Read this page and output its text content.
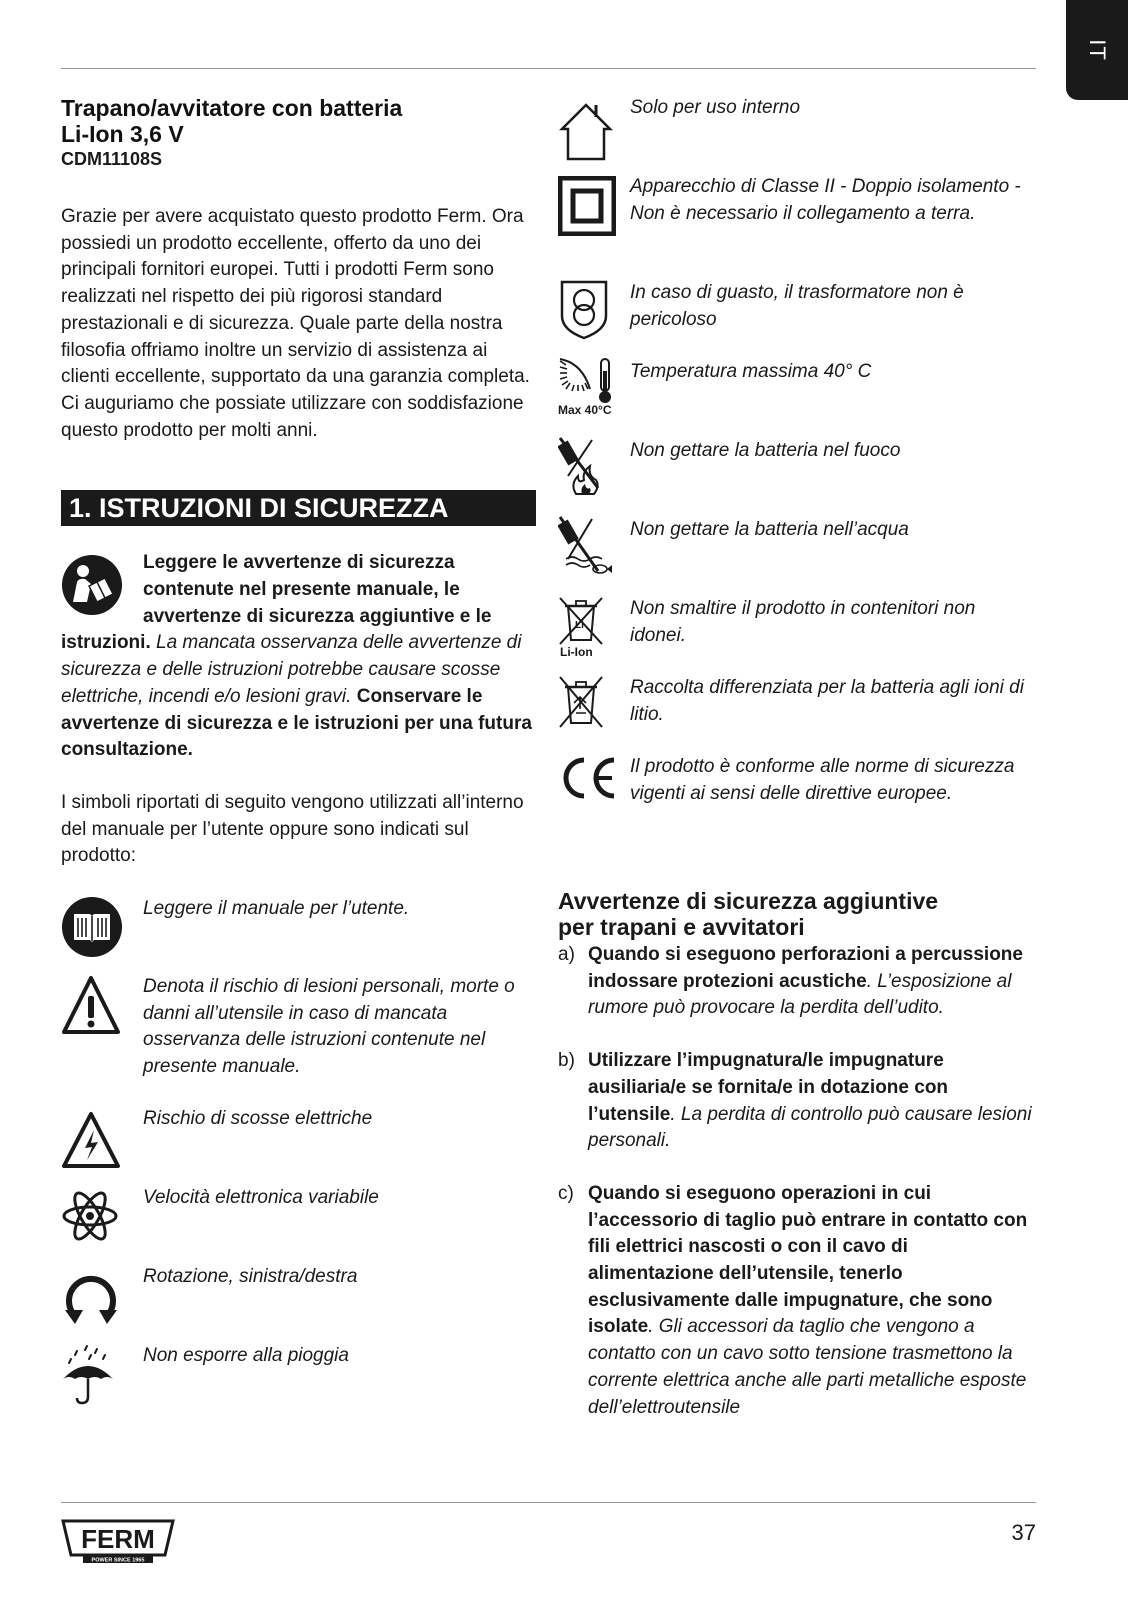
IT
Trapano/avvitatore con batteria
Li-Ion 3,6 V
CDM11108S

Grazie per avere acquistato questo prodotto Ferm. Ora possiedi un prodotto eccellente, offerto da uno dei principali fornitori europei. Tutti i prodotti Ferm sono realizzati nel rispetto dei più rigorosi standard prestazionali e di sicurezza. Quale parte della nostra filosofia offriamo inoltre un servizio di assistenza ai clienti eccellente, supportato da una garanzia completa. Ci auguriamo che possiate utilizzare con soddisfazione questo prodotto per molti anni.

1. ISTRUZIONI DI SICUREZZA
Leggere le avvertenze di sicurezza contenute nel presente manuale, le avvertenze di sicurezza aggiuntive e le istruzioni. La mancata osservanza delle avvertenze di sicurezza e delle istruzioni potrebbe causare scosse elettriche, incendi e/o lesioni gravi. Conservare le avvertenze di sicurezza e le istruzioni per una futura consultazione.

I simboli riportati di seguito vengono utilizzati all’interno del manuale per l’utente oppure sono indicati sul prodotto:

Leggere il manuale per l’utente.
Denota il rischio di lesioni personali, morte o danni all’utensile in caso di mancata osservanza delle istruzioni contenute nel presente manuale.
Rischio di scosse elettriche
Velocità elettronica variabile
Rotazione, sinistra/destra
Non esporre alla pioggia
Solo per uso interno
Apparecchio di Classe II - Doppio isolamento - Non è necessario il collegamento a terra.
In caso di guasto, il trasformatore non è pericoloso
Max 40°C
Temperatura massima 40° C
Non gettare la batteria nel fuoco
Non gettare la batteria nell’acqua
Li
Li-Ion
Non smaltire il prodotto in contenitori non idonei.
Raccolta differenziata per la batteria agli ioni di litio.
Il prodotto è conforme alle norme di sicurezza vigenti ai sensi delle direttive europee.
Avvertenze di sicurezza aggiuntive
per trapani e avvitatori
a) Quando si eseguono perforazioni a percussione indossare protezioni acustiche. L’esposizione al rumore può provocare la perdita dell’udito.
b) Utilizzare l’impugnatura/le impugnature ausiliaria/e se fornita/e in dotazione con l’utensile. La perdita di controllo può causare lesioni personali.
c) Quando si eseguono operazioni in cui l’accessorio di taglio può entrare in contatto con fili elettrici nascosti o con il cavo di alimentazione dell’utensile, tenerlo esclusivamente dalle impugnature, che sono isolate. Gli accessori da taglio che vengono a contatto con un cavo sotto tensione trasmettono la corrente elettrica anche alle parti metalliche esposte dell’elettroutensile
FERM
POWER SINCE 1965
37
